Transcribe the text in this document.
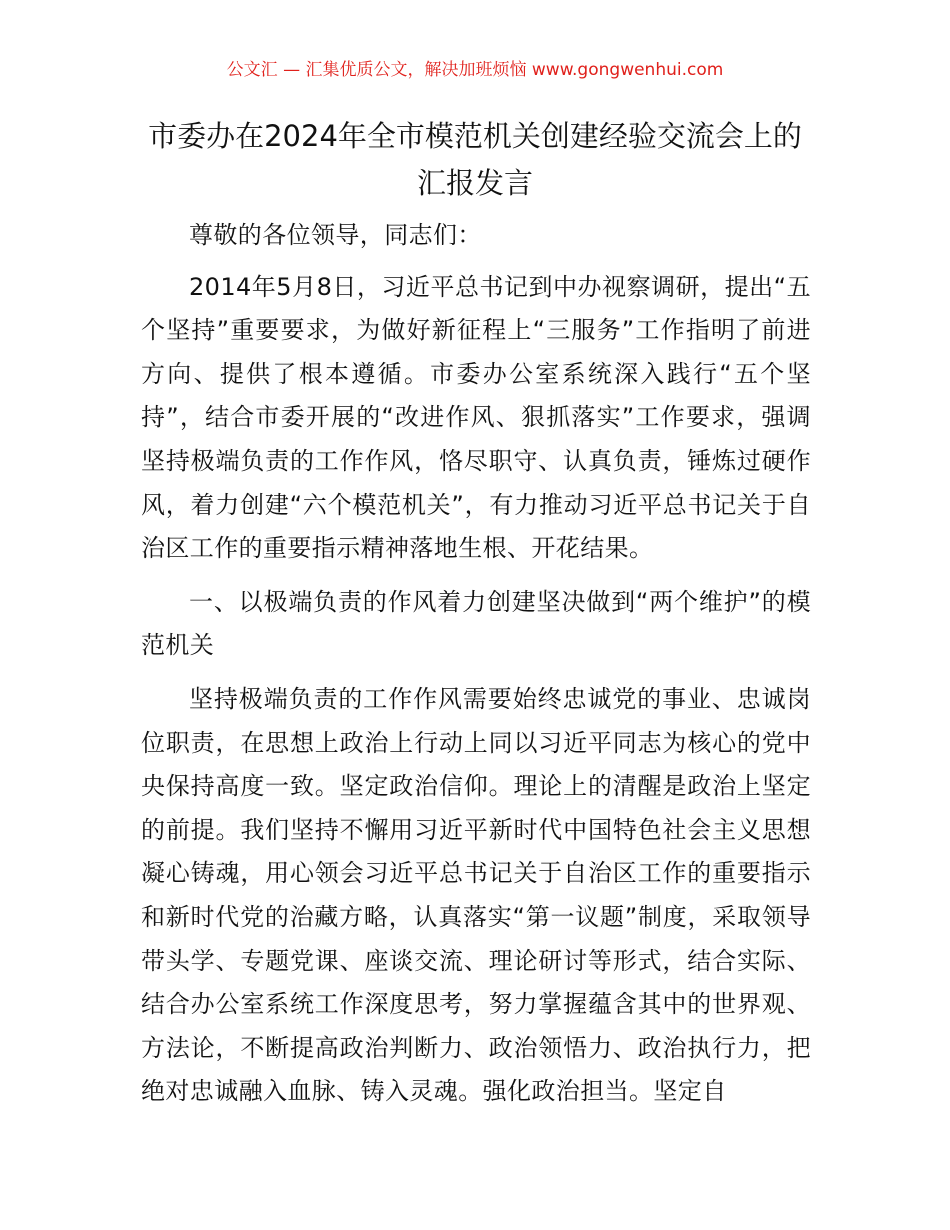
公文汇 — 汇集优质公文，解决加班烦恼 www.gongwenhui.com
市委办在2024年全市模范机关创建经验交流会上的汇报发言

尊敬的各位领导，同志们：

2014年5月8日，习近平总书记到中办视察调研，提出“五个坚持”重要要求，为做好新征程上“三服务”工作指明了前进方向、提供了根本遵循。市委办公室系统深入践行“五个坚持”，结合市委开展的“改进作风、狠抓落实”工作要求，强调坚持极端负责的工作作风，恪尽职守、认真负责，锤炼过硬作风，着力创建“六个模范机关”，有力推动习近平总书记关于自治区工作的重要指示精神落地生根、开花结果。

一、以极端负责的作风着力创建坚决做到“两个维护”的模范机关

坚持极端负责的工作作风需要始终忠诚党的事业、忠诚岗位职责，在思想上政治上行动上同以习近平同志为核心的党中央保持高度一致。坚定政治信仰。理论上的清醒是政治上坚定的前提。我们坚持不懈用习近平新时代中国特色社会主义思想凝心铸魂，用心领会习近平总书记关于自治区工作的重要指示和新时代党的治藏方略，认真落实“第一议题”制度，采取领导带头学、专题党课、座谈交流、理论研讨等形式，结合实际、结合办公室系统工作深度思考，努力掌握蕴含其中的世界观、方法论，不断提高政治判断力、政治领悟力、政治执行力，把绝对忠诚融入血脉、铸入灵魂。强化政治担当。坚定自
